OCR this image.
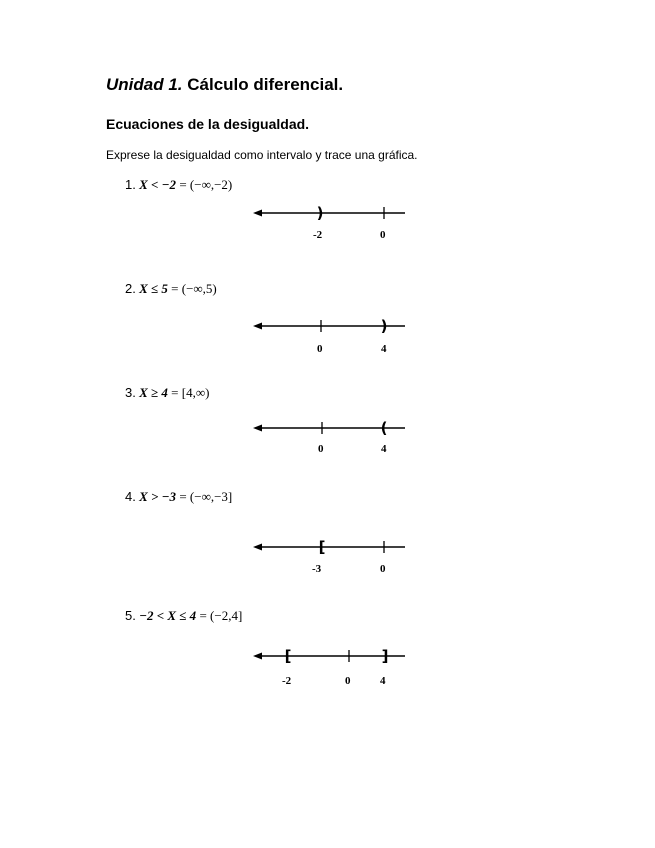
Unidad 1. Cálculo diferencial.
Ecuaciones de la desigualdad.
Exprese la desigualdad como intervalo y trace una gráfica.
1. X < −2 = (−∞,−2)
)
-2	0
2. X ≤ 5 = (−∞,5)
)
0	4
3. X ≥ 4 = [4,∞)
(
0	4
4. X > −3 = (−∞,−3]
[
-3	0
5. −2 < X ≤ 4 = (−2,4]
[	]
-2	0	4
